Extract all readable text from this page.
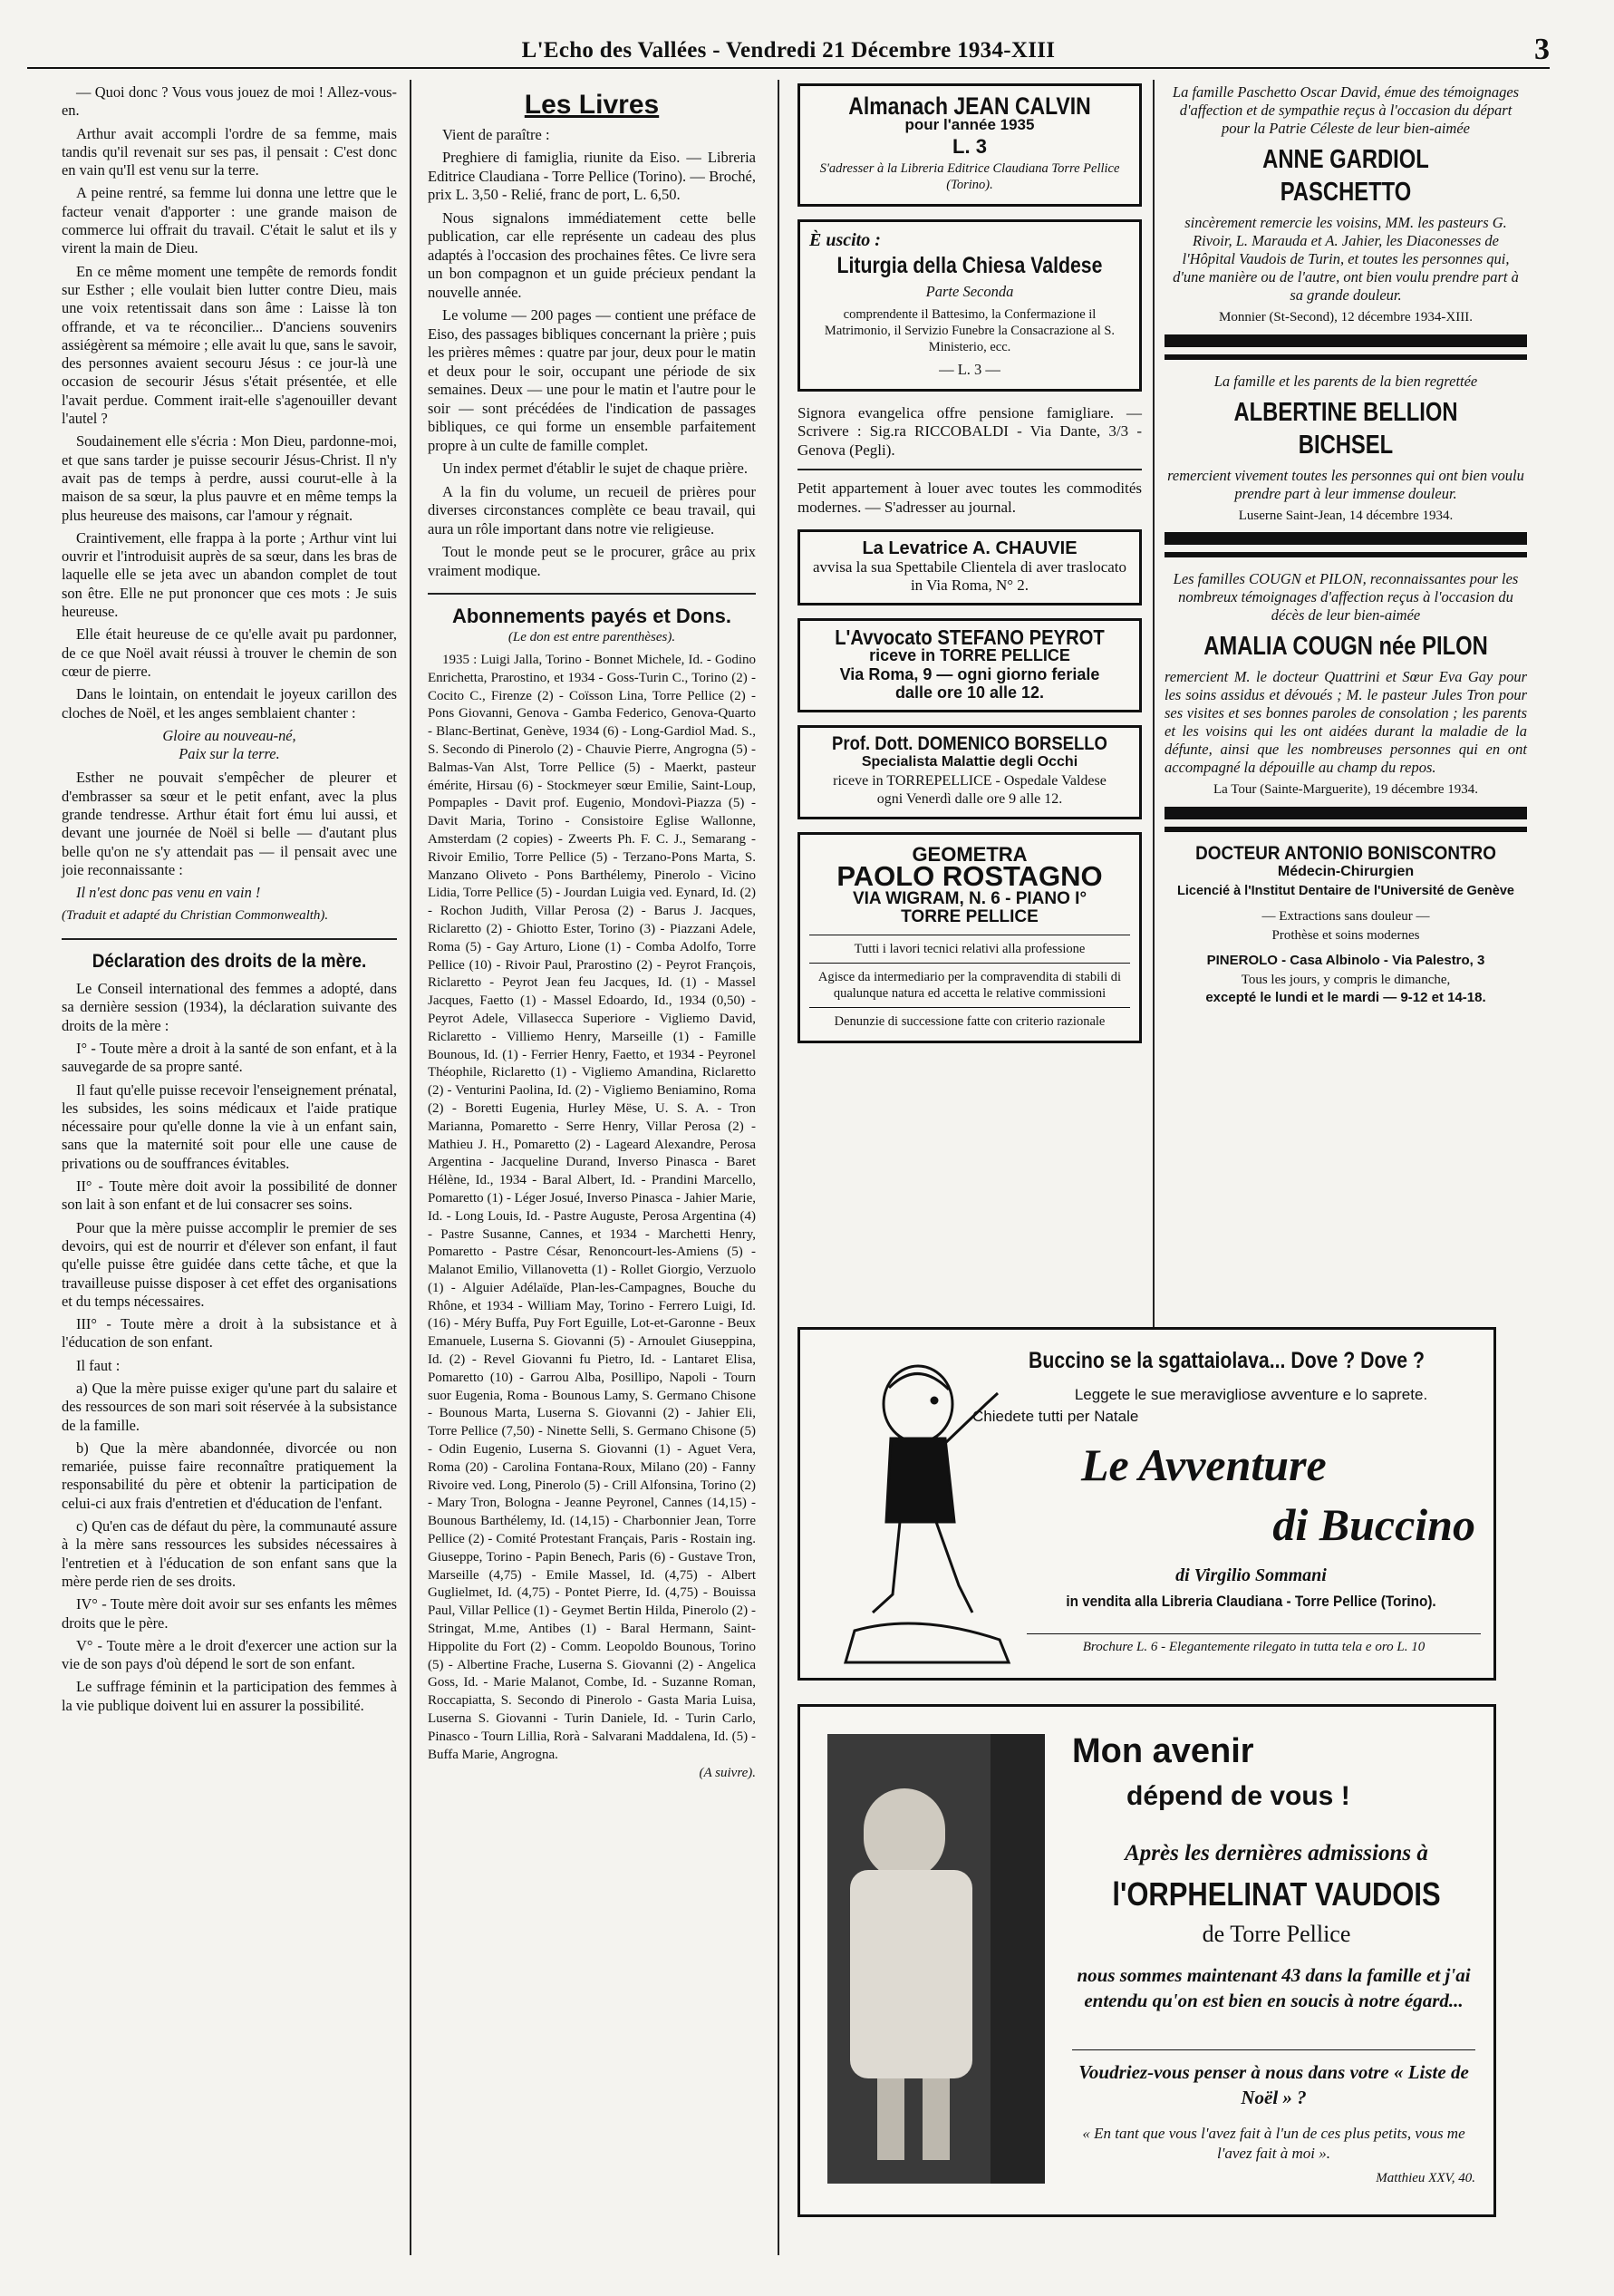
L'Echo des Vallées - Vendredi 21 Décembre 1934-XIII	3

— Quoi donc ? Vous vous jouez de moi ! Allez-vous-en.

Arthur avait accompli l'ordre de sa femme, mais tandis qu'il revenait sur ses pas, il pensait : C'est donc en vain qu'Il est venu sur la terre.

A peine rentré, sa femme lui donna une lettre que le facteur venait d'apporter : une grande maison de commerce lui offrait du travail. C'était le salut et ils y virent la main de Dieu.

En ce même moment une tempête de remords fondit sur Esther ; elle voulait bien lutter contre Dieu, mais une voix retentissait dans son âme : Laisse là ton offrande, et va te réconcilier... D'anciens souvenirs assiégèrent sa mémoire ; elle avait lu que, sans le savoir, des personnes avaient secouru Jésus : ce jour-là une occasion de secourir Jésus s'était présentée, et elle l'avait perdue. Comment irait-elle s'agenouiller devant l'autel ?

Soudainement elle s'écria : Mon Dieu, pardonne-moi, et que sans tarder je puisse secourir Jésus-Christ. Il n'y avait pas de temps à perdre, aussi courut-elle à la maison de sa sœur, la plus pauvre et en même temps la plus heureuse des maisons, car l'amour y régnait.

Craintivement, elle frappa à la porte ; Arthur vint lui ouvrir et l'introduisit auprès de sa sœur, dans les bras de laquelle elle se jeta avec un abandon complet de tout son être. Elle ne put prononcer que ces mots : Je suis heureuse.

Elle était heureuse de ce qu'elle avait pu pardonner, de ce que Noël avait réussi à trouver le chemin de son cœur de pierre.

Dans le lointain, on entendait le joyeux carillon des cloches de Noël, et les anges semblaient chanter :

Gloire au nouveau-né,
Paix sur la terre.

Esther ne pouvait s'empêcher de pleurer et d'embrasser sa sœur et le petit enfant, avec la plus grande tendresse. Arthur était fort ému lui aussi, et devant une journée de Noël si belle — d'autant plus belle qu'on ne s'y attendait pas — il pensait avec une joie reconnaissante :

Il n'est donc pas venu en vain !

(Traduit et adapté du Christian Commonwealth).
Déclaration des droits de la mère.

Le Conseil international des femmes a adopté, dans sa dernière session (1934), la déclaration suivante des droits de la mère :

I° - Toute mère a droit à la santé de son enfant, et à la sauvegarde de sa propre santé.

Il faut qu'elle puisse recevoir l'enseignement prénatal, les subsides, les soins médicaux et l'aide pratique nécessaire pour qu'elle donne la vie à un enfant sain, sans que la maternité soit pour elle une cause de privations ou de souffrances évitables.

II° - Toute mère doit avoir la possibilité de donner son lait à son enfant et de lui consacrer ses soins.

Pour que la mère puisse accomplir le premier de ses devoirs, qui est de nourrir et d'élever son enfant, il faut qu'elle puisse être guidée dans cette tâche, et que la travailleuse puisse disposer à cet effet des organisations et du temps nécessaires.

III° - Toute mère a droit à la subsistance et à l'éducation de son enfant.

Il faut :

a) Que la mère puisse exiger qu'une part du salaire et des ressources de son mari soit réservée à la subsistance de la famille.

b) Que la mère abandonnée, divorcée ou non remariée, puisse faire reconnaître pratiquement la responsabilité du père et obtenir la participation de celui-ci aux frais d'entretien et d'éducation de l'enfant.

c) Qu'en cas de défaut du père, la communauté assure à la mère sans ressources les subsides nécessaires à l'entretien et à l'éducation de son enfant sans que la mère perde rien de ses droits.

IV° - Toute mère doit avoir sur ses enfants les mêmes droits que le père.

V° - Toute mère a le droit d'exercer une action sur la vie de son pays d'où dépend le sort de son enfant.

Le suffrage féminin et la participation des femmes à la vie publique doivent lui en assurer la possibilité.

Les Livres

Vient de paraître :

Preghiere di famiglia, riunite da Eiso. — Libreria Editrice Claudiana - Torre Pellice (Torino). — Broché, prix L. 3,50 - Relié, franc de port, L. 6,50.

Nous signalons immédiatement cette belle publication, car elle représente un cadeau des plus adaptés à l'occasion des prochaines fêtes. Ce livre sera un bon compagnon et un guide précieux pendant la nouvelle année.

Le volume — 200 pages — contient une préface de Eiso, des passages bibliques concernant la prière ; puis les prières mêmes : quatre par jour, deux pour le matin et deux pour le soir, occupant une période de six semaines. Deux — une pour le matin et l'autre pour le soir — sont précédées de l'indication de passages bibliques, ce qui forme un ensemble parfaitement propre à un culte de famille complet.

Un index permet d'établir le sujet de chaque prière.

A la fin du volume, un recueil de prières pour diverses circonstances complète ce beau travail, qui aura un rôle important dans notre vie religieuse.

Tout le monde peut se le procurer, grâce au prix vraiment modique.

Abonnements payés et Dons.
(Le don est entre parenthèses).
1935 : Luigi Jalla, Torino - Bonnet Michele, Id. - Godino Enrichetta, Prarostino, et 1934 - Goss-Turin C., Torino (2) - Cocito C., Firenze (2) - Coïsson Lina, Torre Pellice (2) - Pons Giovanni, Genova - Gamba Federico, Genova-Quarto - Blanc-Bertinat, Genève, 1934 (6) - Long-Gardiol Mad. S., S. Secondo di Pinerolo (2) - Chauvie Pierre, Angrogna (5) - Balmas-Van Alst, Torre Pellice (5) - Maerkt, pasteur émérite, Hirsau (6) - Stockmeyer sœur Emilie, Saint-Loup, Pompaples - Davit prof. Eugenio, Mondovì-Piazza (5) - Davit Maria, Torino - Consistoire Eglise Wallonne, Amsterdam (2 copies) - Zweerts Ph. F. C. J., Semarang - Rivoir Emilio, Torre Pellice (5) - Terzano-Pons Marta, S. Manzano Oliveto - Pons Barthélemy, Pinerolo - Vicino Lidia, Torre Pellice (5) - Jourdan Luigia ved. Eynard, Id. (2) - Rochon Judith, Villar Perosa (2) - Barus J. Jacques, Riclaretto (2) - Ghiotto Ester, Torino (3) - Piazzani Adele, Roma (5) - Gay Arturo, Lione (1) - Comba Adolfo, Torre Pellice (10) - Rivoir Paul, Prarostino (2) - Peyrot François, Riclaretto - Peyrot Jean feu Jacques, Id. (1) - Massel Jacques, Faetto (1) - Massel Edoardo, Id., 1934 (0,50) - Peyrot Adele, Villasecca Superiore - Vigliemo David, Riclaretto - Villiemo Henry, Marseille (1) - Famille Bounous, Id. (1) - Ferrier Henry, Faetto, et 1934 - Peyronel Théophile, Riclaretto (1) - Vigliemo Amandina, Riclaretto (2) - Venturini Paolina, Id. (2) - Vigliemo Beniamino, Roma (2) - Boretti Eugenia, Hurley Mëse, U. S. A. - Tron Marianna, Pomaretto - Serre Henry, Villar Perosa (2) - Mathieu J. H., Pomaretto (2) - Lageard Alexandre, Perosa Argentina - Jacqueline Durand, Inverso Pinasca - Baret Hélène, Id., 1934 - Baral Albert, Id. - Prandini Marcello, Pomaretto (1) - Léger Josué, Inverso Pinasca - Jahier Marie, Id. - Long Louis, Id. - Pastre Auguste, Perosa Argentina (4) - Pastre Susanne, Cannes, et 1934 - Marchetti Henry, Pomaretto - Pastre César, Renoncourt-les-Amiens (5) - Malanot Emilio, Villanovetta (1) - Rollet Giorgio, Verzuolo (1) - Alguier Adélaïde, Plan-les-Campagnes, Bouche du Rhône, et 1934 - William May, Torino - Ferrero Luigi, Id. (16) - Méry Buffa, Puy Fort Eguille, Lot-et-Garonne - Beux Emanuele, Luserna S. Giovanni (5) - Arnoulet Giuseppina, Id. (2) - Revel Giovanni fu Pietro, Id. - Lantaret Elisa, Pomaretto (10) - Garrou Alba, Posillipo, Napoli - Tourn suor Eugenia, Roma - Bounous Lamy, S. Germano Chisone - Bounous Marta, Luserna S. Giovanni (2) - Jahier Eli, Torre Pellice (7,50) - Ninette Selli, S. Germano Chisone (5) - Odin Eugenio, Luserna S. Giovanni (1) - Aguet Vera, Roma (20) - Carolina Fontana-Roux, Milano (20) - Fanny Rivoire ved. Long, Pinerolo (5) - Crill Alfonsina, Torino (2) - Mary Tron, Bologna - Jeanne Peyronel, Cannes (14,15) - Bounous Barthélemy, Id. (14,15) - Charbonnier Jean, Torre Pellice (2) - Comité Protestant Français, Paris - Rostain ing. Giuseppe, Torino - Papin Benech, Paris (6) - Gustave Tron, Marseille (4,75) - Emile Massel, Id. (4,75) - Albert Guglielmet, Id. (4,75) - Pontet Pierre, Id. (4,75) - Bouissa Paul, Villar Pellice (1) - Geymet Bertin Hilda, Pinerolo (2) - Stringat, M.me, Antibes (1) - Baral Hermann, Saint-Hippolite du Fort (2) - Comm. Leopoldo Bounous, Torino (5) - Albertine Frache, Luserna S. Giovanni (2) - Angelica Goss, Id. - Marie Malanot, Combe, Id. - Suzanne Roman, Roccapiatta, S. Secondo di Pinerolo - Gasta Maria Luisa, Luserna S. Giovanni - Turin Daniele, Id. - Turin Carlo, Pinasco - Tourn Lillia, Rorà - Salvarani Maddalena, Id. (5) - Buffa Marie, Angrogna.
(A suivre).
Almanach JEAN CALVIN
pour l'année 1935
L. 3
S'adresser à la Libreria Editrice Claudiana Torre Pellice (Torino).
È uscito :
Liturgia della Chiesa Valdese
Parte Seconda
comprendente il Battesimo, la Confermazione il Matrimonio, il Servizio Funebre la Consacrazione al S. Ministerio, ecc.
— L. 3 —
Signora evangelica offre pensione famigliare. — Scrivere : Sig.ra RICCOBALDI - Via Dante, 3/3 - Genova (Pegli).
Petit appartement à louer avec toutes les commodités modernes. — S'adresser au journal.
La Levatrice A. CHAUVIE
avvisa la sua Spettabile Clientela di aver traslocato in Via Roma, N° 2.
L'Avvocato STEFANO PEYROT
riceve in TORRE PELLICE
Via Roma, 9 — ogni giorno feriale
dalle ore 10 alle 12.
Prof. Dott. DOMENICO BORSELLO
Specialista Malattie degli Occhi
riceve in TORREPELLICE - Ospedale Valdese
ogni Venerdì dalle ore 9 alle 12.
GEOMETRA
PAOLO ROSTAGNO
VIA WIGRAM, N. 6 - PIANO I°
TORRE PELLICE
Tutti i lavori tecnici relativi alla professione
Agisce da intermediario per la compravendita di stabili di qualunque natura ed accetta le relative commissioni
Denunzie di successione fatte con criterio razionale
La famille Paschetto Oscar David, émue des témoignages d'affection et de sympathie reçus à l'occasion du départ pour la Patrie Céleste de leur bien-aimée
ANNE GARDIOL PASCHETTO
sincèrement remercie les voisins, MM. les pasteurs G. Rivoir, L. Marauda et A. Jahier, les Diaconesses de l'Hôpital Vaudois de Turin, et toutes les personnes qui, d'une manière ou de l'autre, ont bien voulu prendre part à sa grande douleur.
Monnier (St-Second), 12 décembre 1934-XIII.
La famille et les parents de la bien regrettée
ALBERTINE BELLION BICHSEL
remercient vivement toutes les personnes qui ont bien voulu prendre part à leur immense douleur.
Luserne Saint-Jean, 14 décembre 1934.
Les familles COUGN et PILON, reconnaissantes pour les nombreux témoignages d'affection reçus à l'occasion du décès de leur bien-aimée
AMALIA COUGN née PILON
remercient M. le docteur Quattrini et Sœur Eva Gay pour les soins assidus et dévoués ; M. le pasteur Jules Tron pour ses visites et ses bonnes paroles de consolation ; les parents et les voisins qui les ont aidées durant la maladie de la défunte, ainsi que les nombreuses personnes qui en ont accompagné la dépouille au champ du repos.
La Tour (Sainte-Marguerite), 19 décembre 1934.
DOCTEUR ANTONIO BONISCONTRO
Médecin-Chirurgien
Licencié à l'Institut Dentaire de l'Université de Genève
— Extractions sans douleur —
Prothèse et soins modernes
PINEROLO - Casa Albinolo - Via Palestro, 3
Tous les jours, y compris le dimanche,
excepté le lundi et le mardi — 9-12 et 14-18.
Buccino se la sgattaiolava... Dove ? Dove ?
Leggete le sue meravigliose avventure e lo saprete.
Chiedete tutti per Natale
Le Avventure
di Buccino
di Virgilio Sommani
in vendita alla Libreria Claudiana - Torre Pellice (Torino).
Brochure L. 6 - Elegantemente rilegato in tutta tela e oro L. 10
Mon avenir
dépend de vous !
Après les dernières admissions à
l'ORPHELINAT VAUDOIS
de Torre Pellice
nous sommes maintenant 43 dans la famille et j'ai entendu qu'on est bien en soucis à notre égard...
Voudriez-vous penser à nous dans votre « Liste de Noël » ?
« En tant que vous l'avez fait à l'un de ces plus petits, vous me l'avez fait à moi ».
Matthieu XXV, 40.
